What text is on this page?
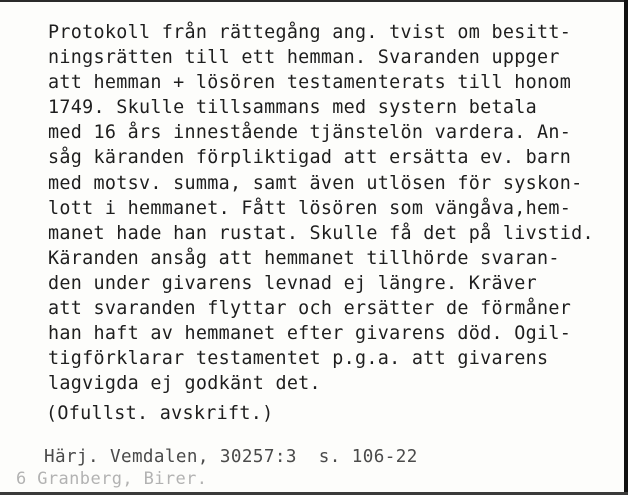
Protokoll från rättegång ang. tvist om besitt-
ningsrätten till ett hemman. Svaranden uppger
att hemman + lösören testamenterats till honom
1749. Skulle tillsammans med systern betala
med 16 års innestående tjänstelön vardera. An-
såg käranden förpliktigad att ersätta ev. barn
med motsv. summa, samt även utlösen för syskon-
lott i hemmanet. Fått lösören som vängåva,hem-
manet hade han rustat. Skulle få det på livstid.
Käranden ansåg att hemmanet tillhörde svaran-
den under givarens levnad ej längre. Kräver
att svaranden flyttar och ersätter de förmåner
han haft av hemmanet efter givarens död. Ogil-
tigförklarar testamentet p.g.a. att givarens
lagvigda ej godkänt det.
(Ofullst. avskrift.)
Härj. Vemdalen, 30257:3  s. 106-22
6 Granberg, Birer.
